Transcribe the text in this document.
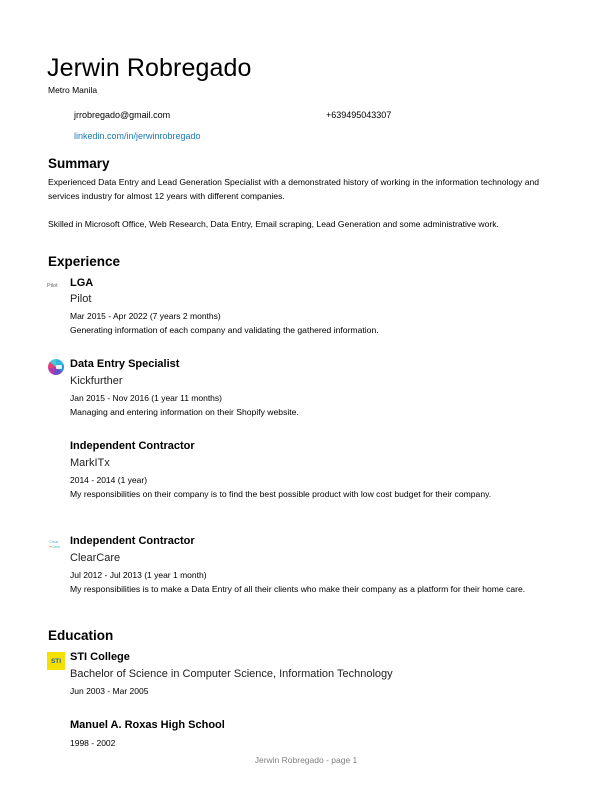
Jerwin Robregado
Metro Manila
jrrobregado@gmail.com	+639495043307
linkedin.com/in/jerwinrobregado
Summary

Experienced Data Entry and Lead Generation Specialist with a demonstrated history of working in the information technology and services industry for almost 12 years with different companies.

Skilled in Microsoft Office, Web Research, Data Entry, Email scraping, Lead Generation and some administrative work.

Experience
Pilot	LGA
Pilot
Mar 2015 - Apr 2022 (7 years 2 months)
Generating information of each company and validating the gathered information.
Data Entry Specialist
Kickfurther
Jan 2015 - Nov 2016 (1 year 11 months)
Managing and entering information on their Shopify website.
Independent Contractor
MarkITx
2014 - 2014 (1 year)
My responsibilities on their company is to find the best possible product with low cost budget for their company.
Clear
+Care Independent Contractor
ClearCare
Jul 2012 - Jul 2013 (1 year 1 month)
My responsibilities is to make a Data Entry of all their clients who make their company as a platform for their home care.
Education
STI STI College
Bachelor of Science in Computer Science, Information Technology
Jun 2003 - Mar 2005
Manuel A. Roxas High School
1998 - 2002
Jerwin Robregado - page 1
